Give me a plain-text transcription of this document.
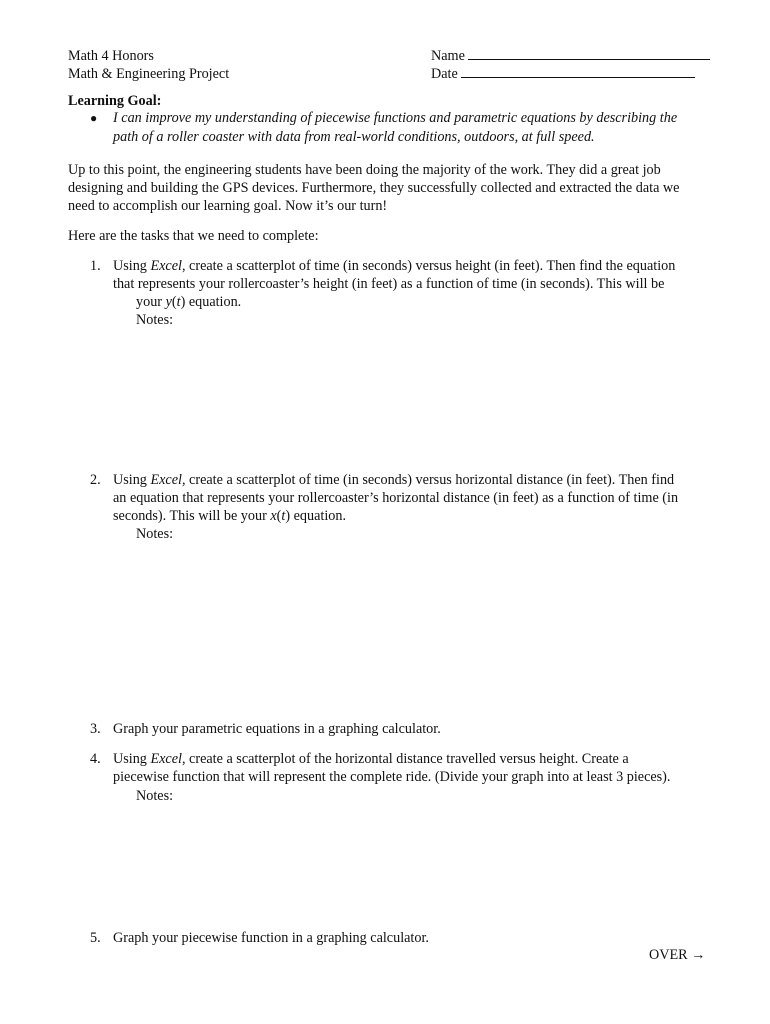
Math 4 Honors
Math & Engineering Project
Name
Date
Learning Goal:
● I can improve my understanding of piecewise functions and parametric equations by describing the
path of a roller coaster with data from real-world conditions, outdoors, at full speed.
Up to this point, the engineering students have been doing the majority of the work. They did a great job
designing and building the GPS devices. Furthermore, they successfully collected and extracted the data we
need to accomplish our learning goal. Now it’s our turn!
Here are the tasks that we need to complete:
1. Using Excel, create a scatterplot of time (in seconds) versus height (in feet). Then find the equation
that represents your rollercoaster’s height (in feet) as a function of time (in seconds). This will be
your y(t) equation.
Notes:
2. Using Excel, create a scatterplot of time (in seconds) versus horizontal distance (in feet). Then find
an equation that represents your rollercoaster’s horizontal distance (in feet) as a function of time (in
seconds). This will be your x(t) equation.
Notes:
3. Graph your parametric equations in a graphing calculator.
4. Using Excel, create a scatterplot of the horizontal distance travelled versus height. Create a
piecewise function that will represent the complete ride. (Divide your graph into at least 3 pieces).
Notes:
5. Graph your piecewise function in a graphing calculator.
OVER →
